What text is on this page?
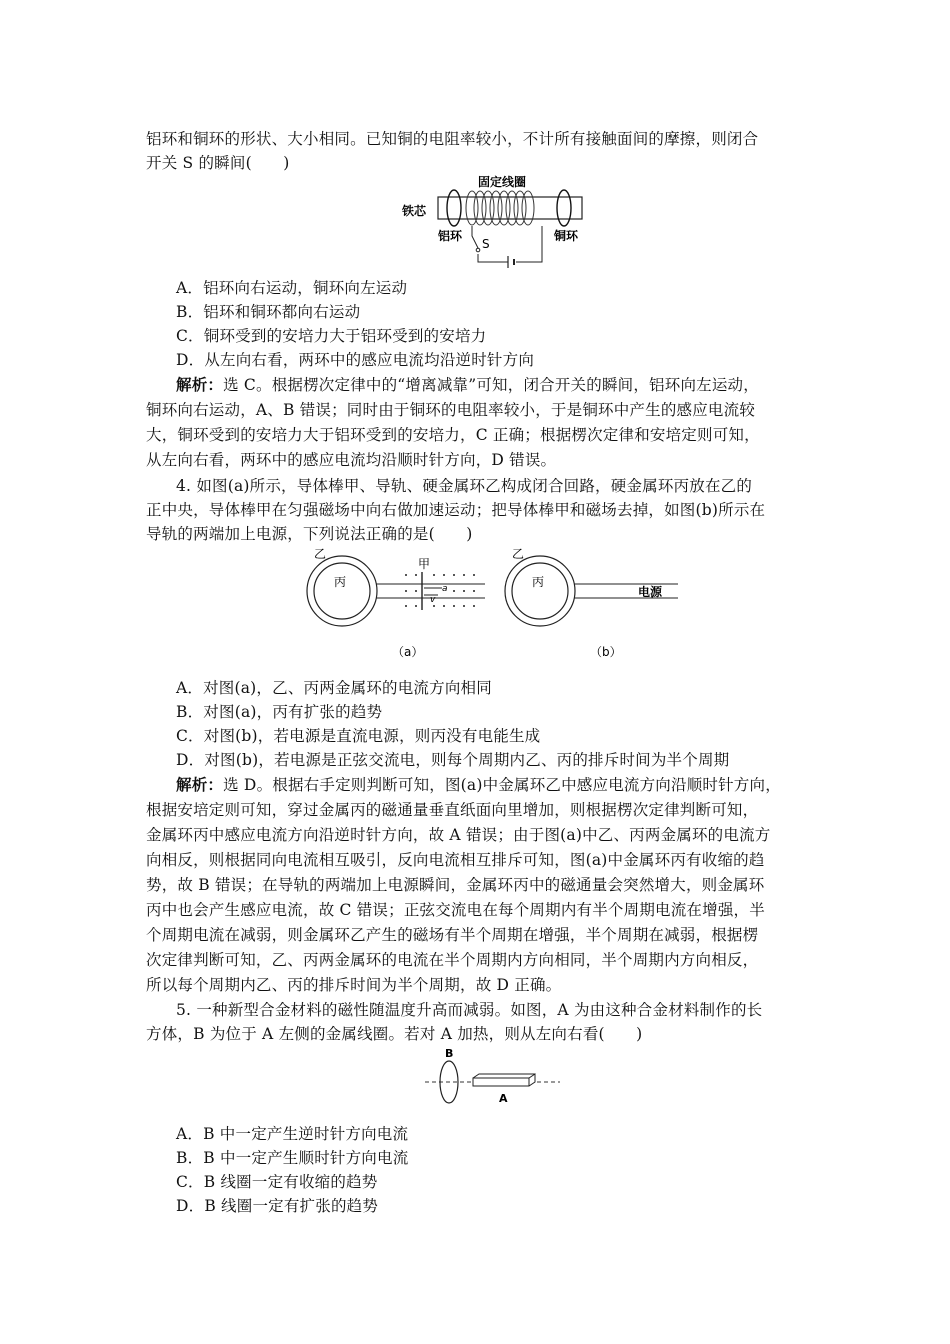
铝环和铜环的形状、大小相同。已知铜的电阻率较小，不计所有接触面间的摩擦，则闭合
开关 S 的瞬间(　　)
固定线圈
铁芯
铝环	铜环
S
A．铝环向右运动，铜环向左运动
B．铝环和铜环都向右运动
C．铜环受到的安培力大于铝环受到的安培力
D．从左向右看，两环中的感应电流均沿逆时针方向
解析：选 C。根据楞次定律中的“增离减靠”可知，闭合开关的瞬间，铝环向左运动，
铜环向右运动，A、B 错误；同时由于铜环的电阻率较小，于是铜环中产生的感应电流较
大，铜环受到的安培力大于铝环受到的安培力，C 正确；根据楞次定律和安培定则可知，
从左向右看，两环中的感应电流均沿顺时针方向，D 错误。
4. 如图(a)所示，导体棒甲、导轨、硬金属环乙构成闭合回路，硬金属环丙放在乙的
正中央，导体棒甲在匀强磁场中向右做加速运动；把导体棒甲和磁场去掉，如图(b)所示在
导轨的两端加上电源，下列说法正确的是(　　)
乙
丙
甲
a
v
（a）
乙
丙
电源
（b）
A．对图(a)，乙、丙两金属环的电流方向相同
B．对图(a)，丙有扩张的趋势
C．对图(b)，若电源是直流电源，则丙没有电能生成
D．对图(b)，若电源是正弦交流电，则每个周期内乙、丙的排斥时间为半个周期
解析：选 D。根据右手定则判断可知，图(a)中金属环乙中感应电流方向沿顺时针方向，
根据安培定则可知，穿过金属丙的磁通量垂直纸面向里增加，则根据楞次定律判断可知，
金属环丙中感应电流方向沿逆时针方向，故 A 错误；由于图(a)中乙、丙两金属环的电流方
向相反，则根据同向电流相互吸引，反向电流相互排斥可知，图(a)中金属环丙有收缩的趋
势，故 B 错误；在导轨的两端加上电源瞬间，金属环丙中的磁通量会突然增大，则金属环
丙中也会产生感应电流，故 C 错误；正弦交流电在每个周期内有半个周期电流在增强，半
个周期电流在减弱，则金属环乙产生的磁场有半个周期在增强，半个周期在减弱，根据楞
次定律判断可知，乙、丙两金属环的电流在半个周期内方向相同，半个周期内方向相反，
所以每个周期内乙、丙的排斥时间为半个周期，故 D 正确。
5. 一种新型合金材料的磁性随温度升高而减弱。如图，A 为由这种合金材料制作的长
方体，B 为位于 A 左侧的金属线圈。若对 A 加热，则从左向右看(　　)
B
A
A．B 中一定产生逆时针方向电流
B．B 中一定产生顺时针方向电流
C．B 线圈一定有收缩的趋势
D．B 线圈一定有扩张的趋势
